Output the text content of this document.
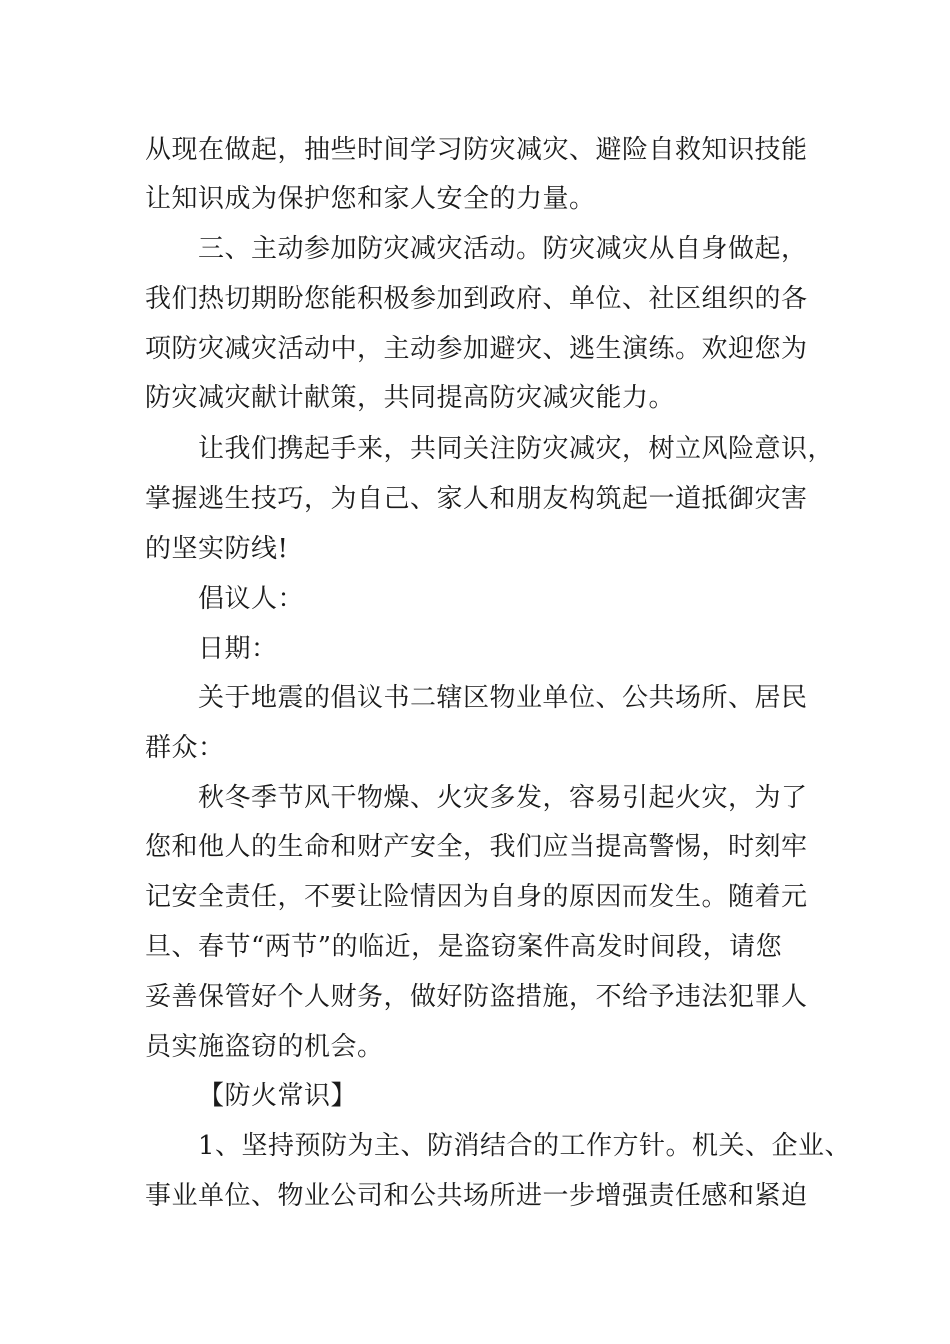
从现在做起，抽些时间学习防灾减灾、避险自救知识技能
让知识成为保护您和家人安全的力量。
三、主动参加防灾减灾活动。防灾减灾从自身做起，
我们热切期盼您能积极参加到政府、单位、社区组织的各
项防灾减灾活动中，主动参加避灾、逃生演练。欢迎您为
防灾减灾献计献策，共同提高防灾减灾能力。
让我们携起手来，共同关注防灾减灾，树立风险意识，
掌握逃生技巧，为自己、家人和朋友构筑起一道抵御灾害
的坚实防线!
倡议人：
日期：
关于地震的倡议书二辖区物业单位、公共场所、居民
群众：
秋冬季节风干物燥、火灾多发，容易引起火灾，为了
您和他人的生命和财产安全，我们应当提高警惕，时刻牢
记安全责任，不要让险情因为自身的原因而发生。随着元
旦、春节“两节”的临近，是盗窃案件高发时间段，请您
妥善保管好个人财务，做好防盗措施，不给予违法犯罪人
员实施盗窃的机会。
【防火常识】
1、坚持预防为主、防消结合的工作方针。机关、企业、
事业单位、物业公司和公共场所进一步增强责任感和紧迫
